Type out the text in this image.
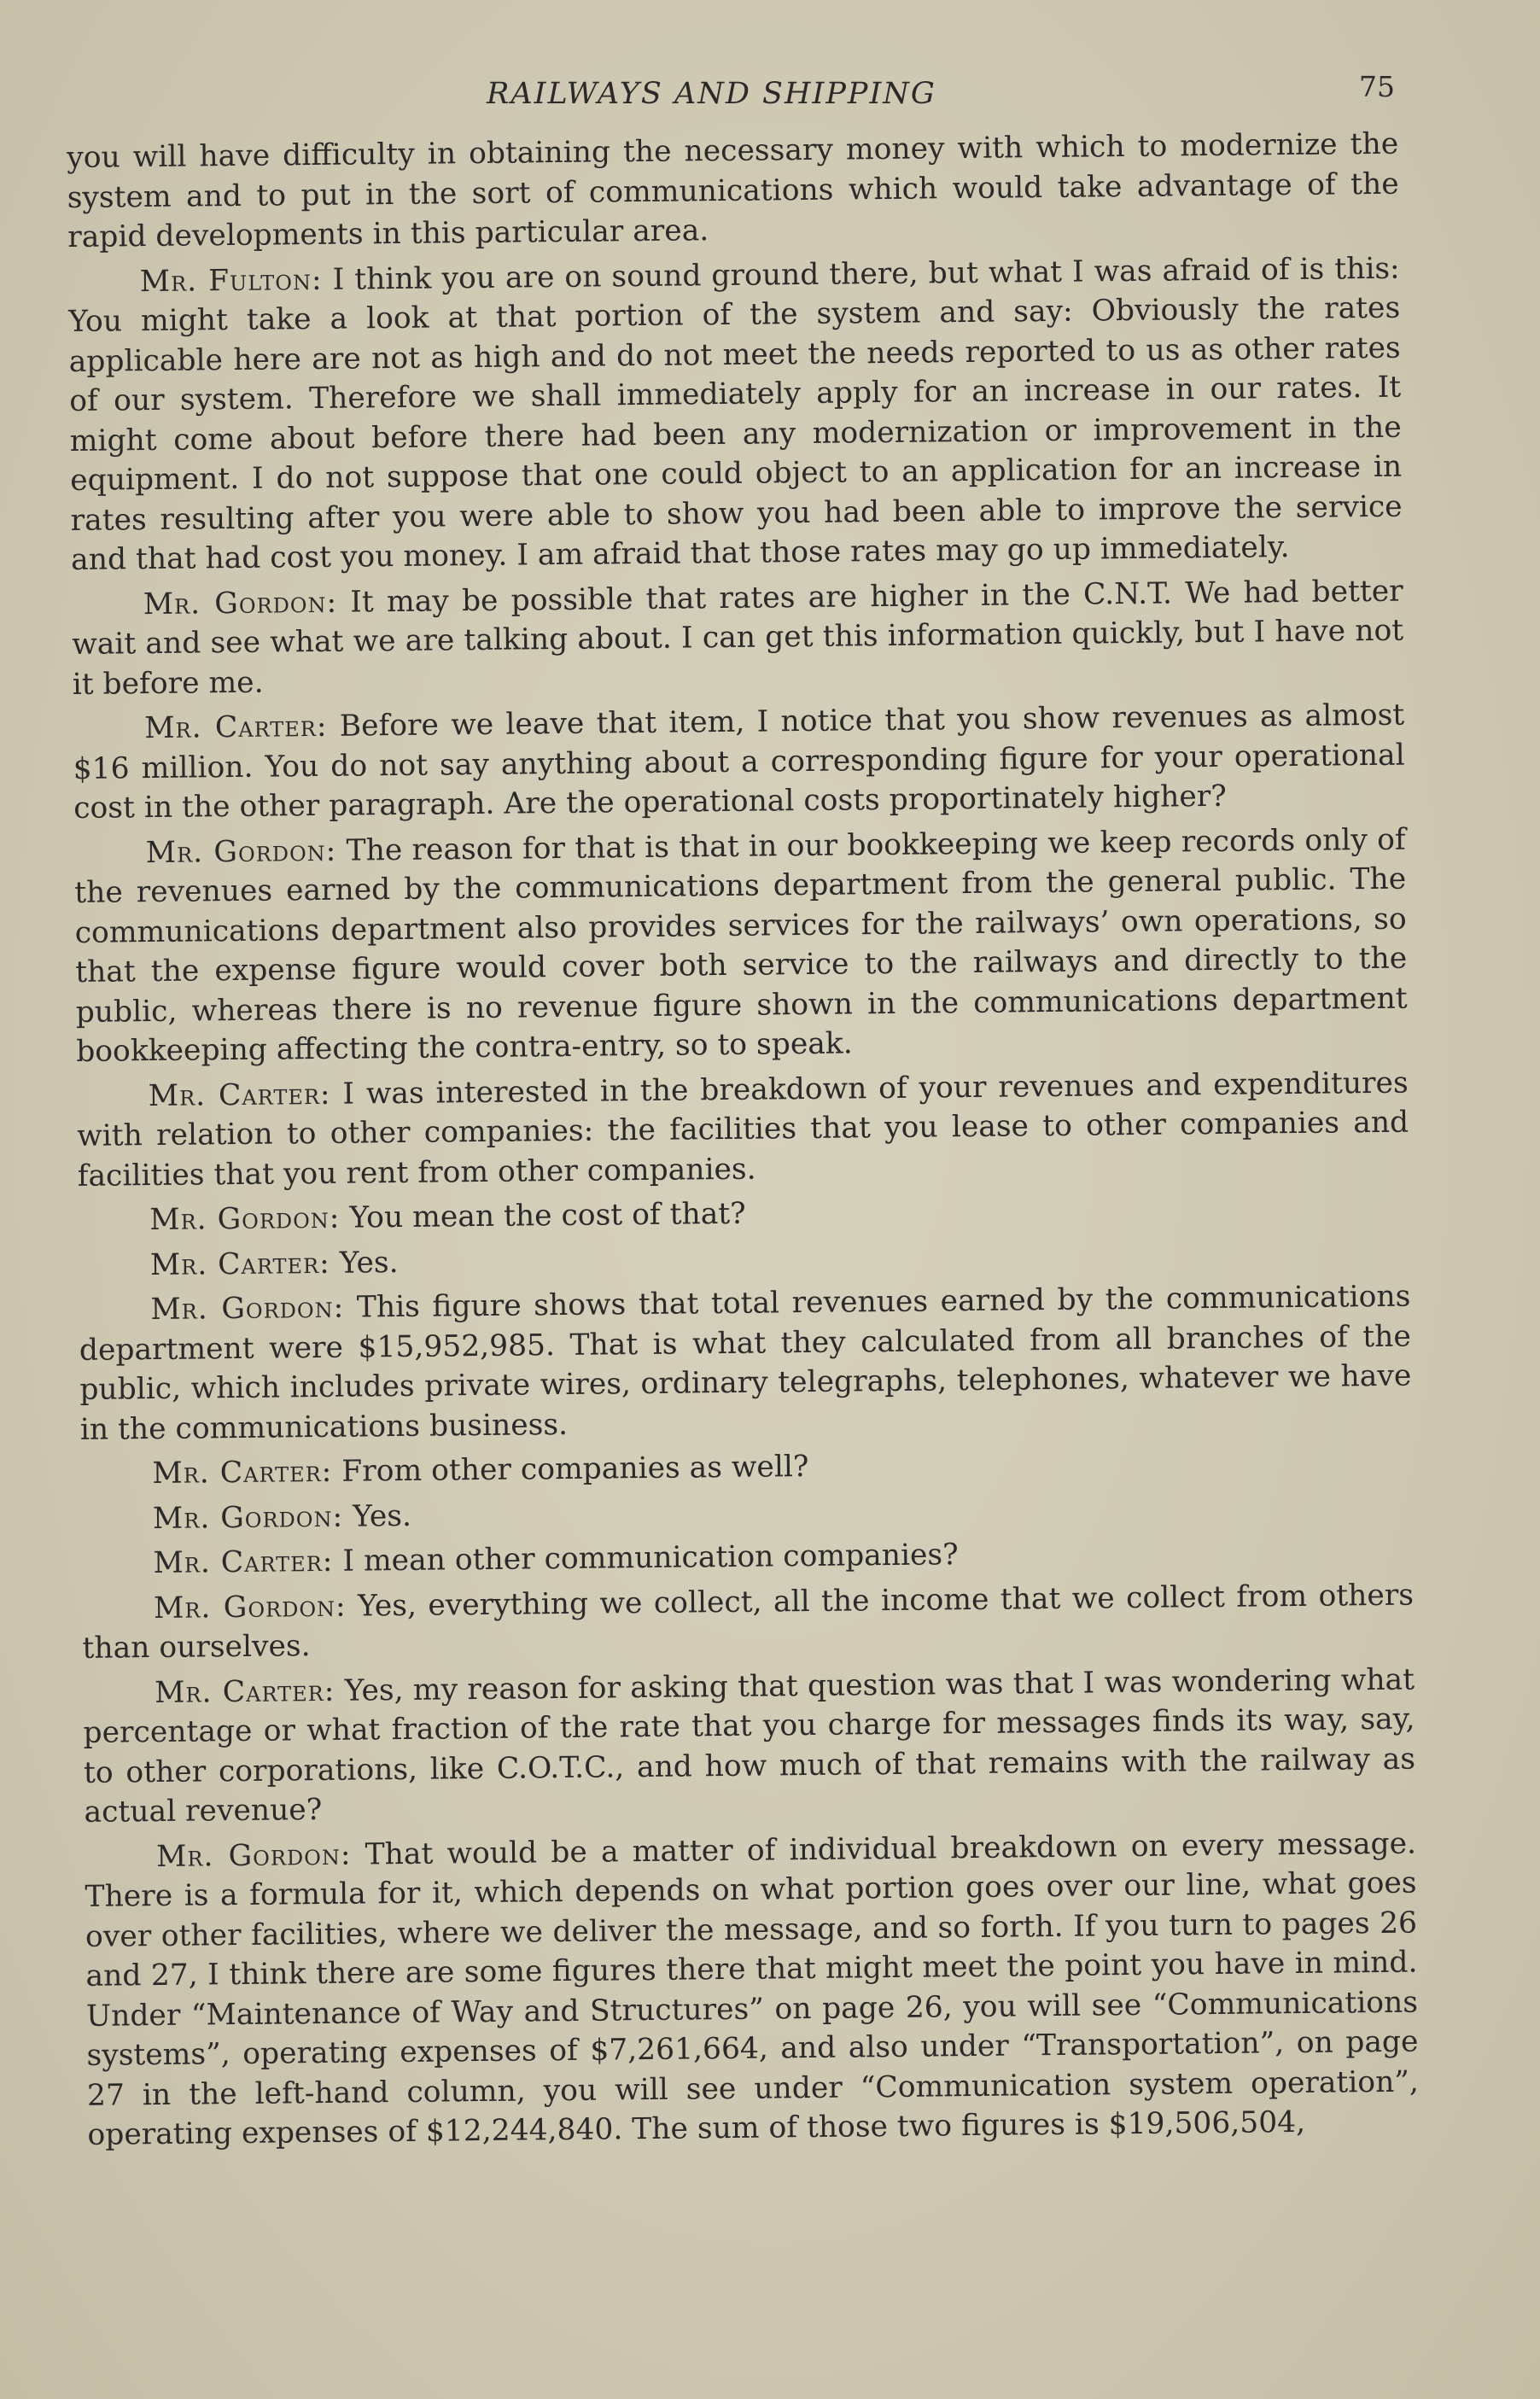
RAILWAYS AND SHIPPING	75

you will have difficulty in obtaining the necessary money with which to modernize the system and to put in the sort of communications which would take advantage of the rapid developments in this particular area.

Mr. Fulton: I think you are on sound ground there, but what I was afraid of is this: You might take a look at that portion of the system and say: Obviously the rates applicable here are not as high and do not meet the needs reported to us as other rates of our system. Therefore we shall immediately apply for an increase in our rates. It might come about before there had been any modernization or improvement in the equipment. I do not suppose that one could object to an application for an increase in rates resulting after you were able to show you had been able to improve the service and that had cost you money. I am afraid that those rates may go up immediately.

Mr. Gordon: It may be possible that rates are higher in the C.N.T. We had better wait and see what we are talking about. I can get this information quickly, but I have not it before me.

Mr. Carter: Before we leave that item, I notice that you show revenues as almost $16 million. You do not say anything about a corresponding figure for your operational cost in the other paragraph. Are the operational costs proportinately higher?

Mr. Gordon: The reason for that is that in our bookkeeping we keep records only of the revenues earned by the communications department from the general public. The communications department also provides services for the railways’ own operations, so that the expense figure would cover both service to the railways and directly to the public, whereas there is no revenue figure shown in the communications department bookkeeping affecting the contra-entry, so to speak.

Mr. Carter: I was interested in the breakdown of your revenues and expenditures with relation to other companies: the facilities that you lease to other companies and facilities that you rent from other companies.

Mr. Gordon: You mean the cost of that?

Mr. Carter: Yes.

Mr. Gordon: This figure shows that total revenues earned by the communications department were $15,952,985. That is what they calculated from all branches of the public, which includes private wires, ordinary telegraphs, telephones, whatever we have in the communications business.

Mr. Carter: From other companies as well?

Mr. Gordon: Yes.

Mr. Carter: I mean other communication companies?

Mr. Gordon: Yes, everything we collect, all the income that we collect from others than ourselves.

Mr. Carter: Yes, my reason for asking that question was that I was wondering what percentage or what fraction of the rate that you charge for messages finds its way, say, to other corporations, like C.O.T.C., and how much of that remains with the railway as actual revenue?

Mr. Gordon: That would be a matter of individual breakdown on every message. There is a formula for it, which depends on what portion goes over our line, what goes over other facilities, where we deliver the message, and so forth. If you turn to pages 26 and 27, I think there are some figures there that might meet the point you have in mind. Under “Maintenance of Way and Structures” on page 26, you will see “Communications systems”, operating expenses of $7,261,664, and also under “Transportation”, on page 27 in the left-hand column, you will see under “Communication system operation”, operating expenses of $12,244,840. The sum of those two figures is $19,506,504,
